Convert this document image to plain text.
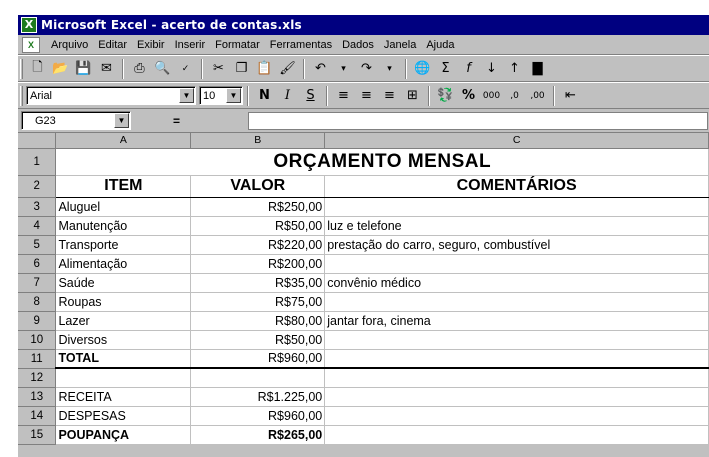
X Microsoft Excel - acerto de contas.xls
X	Arquivo Editar Exibir Inserir Formatar Ferramentas Dados Janela Ajuda
🗋 📂 💾 ✉	⎙ 🔍	✓	✂ ❐ 📋 🖌	↶	▾	↷	▾	🌐 Σ	f	↓ ↑ ▇
Arial	▼	10	▼	N	I	S	≡ ≡ ≡ ⊞	💱 % 000	,0	,00	⇤
G23	▼	=
	A	B	C
1	ORÇAMENTO MENSAL		
2	ITEM	VALOR	COMENTÁRIOS
3	Aluguel	R$250,00	
4	Manutenção	R$50,00	luz e telefone
5	Transporte	R$220,00	prestação do carro, seguro, combustível
6	Alimentação	R$200,00	
7	Saúde	R$35,00	convênio médico
8	Roupas	R$75,00	
9	Lazer	R$80,00	jantar fora, cinema
10	Diversos	R$50,00	
11	TOTAL	R$960,00	
12			
13	RECEITA	R$1.225,00	
14	DESPESAS	R$960,00	
15	POUPANÇA	R$265,00	
